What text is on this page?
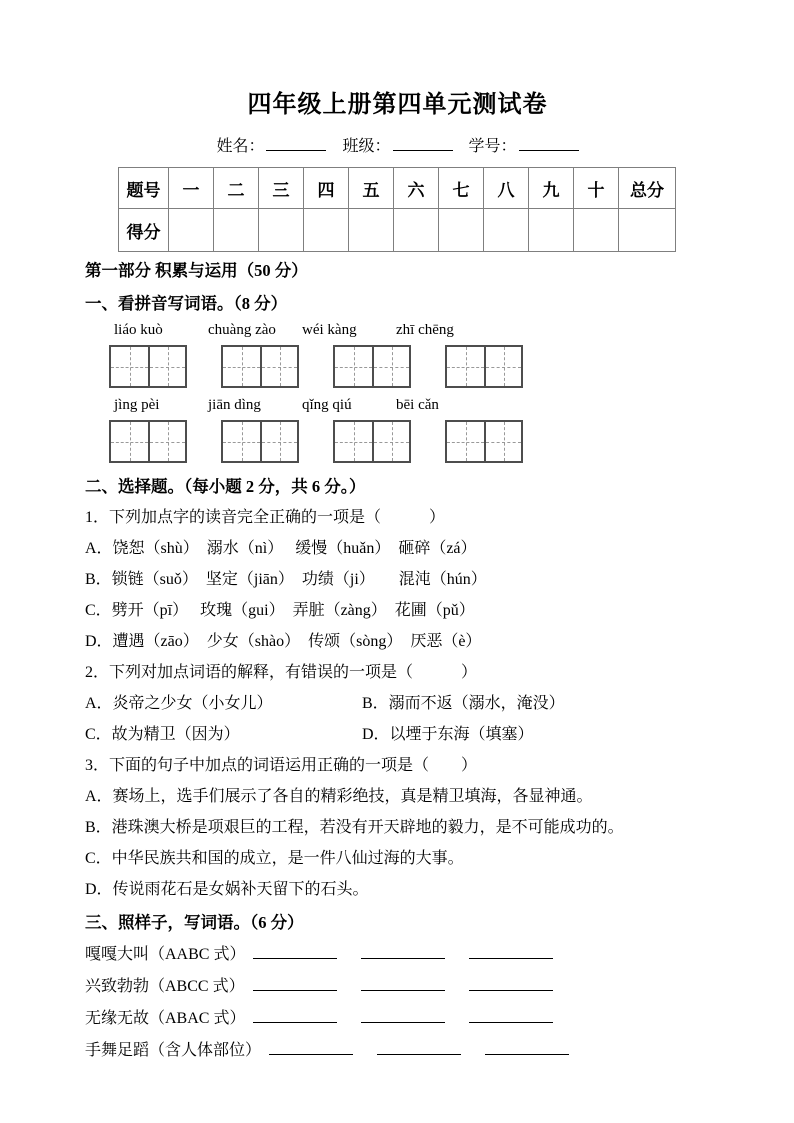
四年级上册第四单元测试卷
姓名：	班级：	学号：
题号	一	二	三	四	五	六	七	八	九	十	总分
得分											
第一部分 积累与运用（50 分）
一、看拼音写词语。（8 分）
liáo kuò	chuàng zào	wéi kàng	zhī chēng
jìng pèi	jiān dìng	qǐng qiú	bēi cǎn
二、选择题。（每小题 2 分，共 6 分。）
1．下列加点字的读音完全正确的一项是（　　　）
A．饶恕（shù）　溺水（nì）　 缓慢（huǎn）　砸碎（zá）
B．锁链（suǒ）　坚定（jiān）　功绩（ji）　　混沌（hún）
C．劈开（pī）　 玫瑰（gui）　弄脏（zàng）　花圃（pǔ）
D．遭遇（zāo）　少女（shào）　传颂（sòng）　厌恶（è）
2．下列对加点词语的解释，有错误的一项是（　　　）
A．炎帝之少女（小女儿）	B．溺而不返（溺水，淹没）
C．故为精卫（因为）	D．以堙于东海（填塞）
3．下面的句子中加点的词语运用正确的一项是（　　）
A．赛场上，选手们展示了各自的精彩绝技，真是精卫填海，各显神通。
B．港珠澳大桥是项艰巨的工程，若没有开天辟地的毅力，是不可能成功的。
C．中华民族共和国的成立，是一件八仙过海的大事。
D．传说雨花石是女娲补天留下的石头。
三、照样子，写词语。（6 分）
嘎嘎大叫（AABC 式）
兴致勃勃（ABCC 式）
无缘无故（ABAC 式）
手舞足蹈（含人体部位）
